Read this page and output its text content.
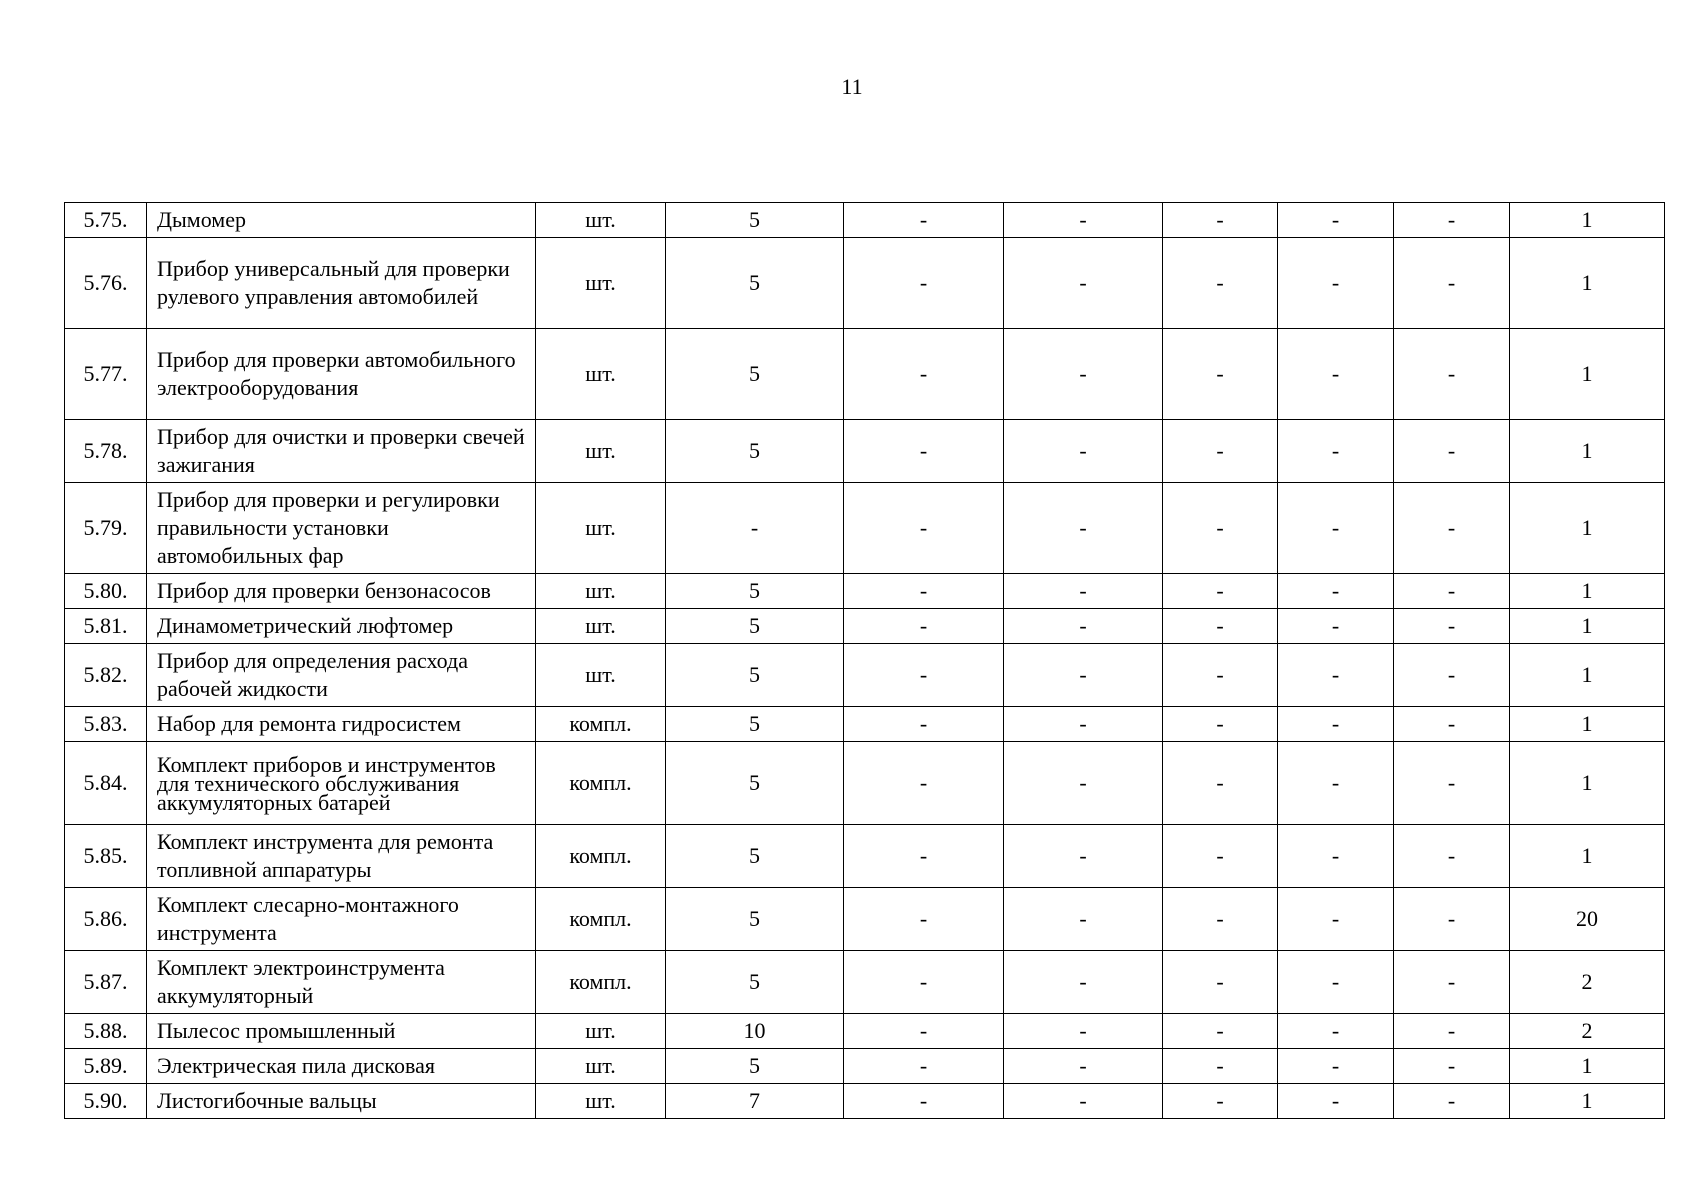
11
5.75.	Дымомер	шт.	5	-	-	-	-	-	1
5.76.	Прибор универсальный для проверки рулевого управления автомобилей	шт.	5	-	-	-	-	-	1
5.77.	Прибор для проверки автомобильного электрооборудования	шт.	5	-	-	-	-	-	1
5.78.	Прибор для очистки и проверки свечей зажигания	шт.	5	-	-	-	-	-	1
5.79.	Прибор для проверки и регулировки правильности установки автомобильных фар	шт.	-	-	-	-	-	-	1
5.80.	Прибор для проверки бензонасосов	шт.	5	-	-	-	-	-	1
5.81.	Динамометрический люфтомер	шт.	5	-	-	-	-	-	1
5.82.	Прибор для определения расхода рабочей жидкости	шт.	5	-	-	-	-	-	1
5.83.	Набор для ремонта гидросистем	компл.	5	-	-	-	-	-	1
5.84.	Комплект приборов и инструментов для технического обслуживания аккумуляторных батарей	компл.	5	-	-	-	-	-	1
5.85.	Комплект инструмента для ремонта топливной аппаратуры	компл.	5	-	-	-	-	-	1
5.86.	Комплект слесарно-монтажного инструмента	компл.	5	-	-	-	-	-	20
5.87.	Комплект электроинструмента аккумуляторный	компл.	5	-	-	-	-	-	2
5.88.	Пылесос промышленный	шт.	10	-	-	-	-	-	2
5.89.	Электрическая пила дисковая	шт.	5	-	-	-	-	-	1
5.90.	Листогибочные вальцы	шт.	7	-	-	-	-	-	1
